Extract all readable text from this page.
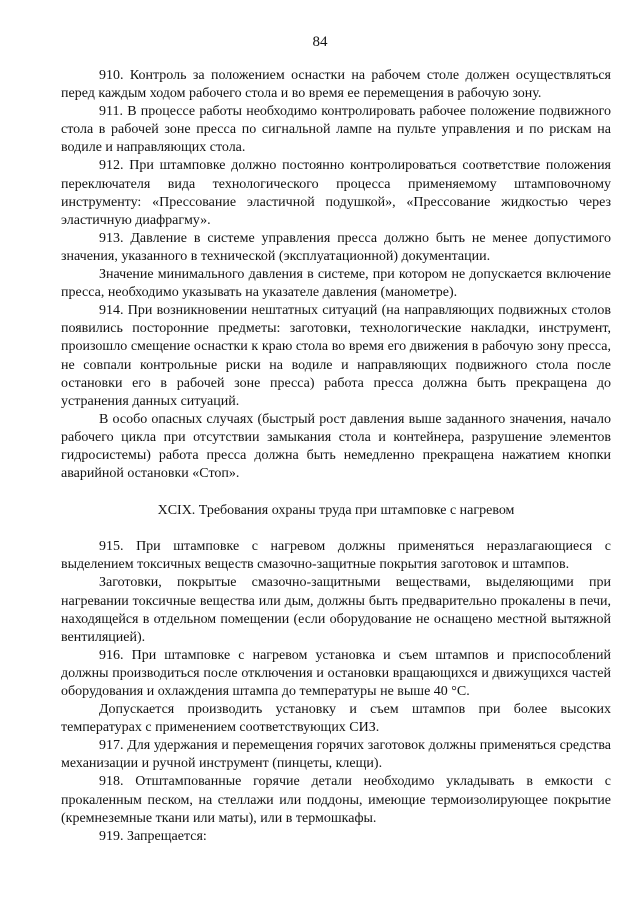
84

910. Контроль за положением оснастки на рабочем столе должен осуществляться перед каждым ходом рабочего стола и во время ее перемещения в рабочую зону.

911. В процессе работы необходимо контролировать рабочее положение подвижного стола в рабочей зоне пресса по сигнальной лампе на пульте управления и по рискам на водиле и направляющих стола.

912. При штамповке должно постоянно контролироваться соответствие положения переключателя вида технологического процесса применяемому штамповочному инструменту: «Прессование эластичной подушкой», «Прессование жидкостью через эластичную диафрагму».

913. Давление в системе управления пресса должно быть не менее допустимого значения, указанного в технической (эксплуатационной) документации.

Значение минимального давления в системе, при котором не допускается включение пресса, необходимо указывать на указателе давления (манометре).

914. При возникновении нештатных ситуаций (на направляющих подвижных столов появились посторонние предметы: заготовки, технологические накладки, инструмент, произошло смещение оснастки к краю стола во время его движения в рабочую зону пресса, не совпали контрольные риски на водиле и направляющих подвижного стола после остановки его в рабочей зоне пресса) работа пресса должна быть прекращена до устранения данных ситуаций.

В особо опасных случаях (быстрый рост давления выше заданного значения, начало рабочего цикла при отсутствии замыкания стола и контейнера, разрушение элементов гидросистемы) работа пресса должна быть немедленно прекращена нажатием кнопки аварийной остановки «Стоп».

XCIX. Требования охраны труда при штамповке с нагревом

915. При штамповке с нагревом должны применяться неразлагающиеся с выделением токсичных веществ смазочно-защитные покрытия заготовок и штампов.

Заготовки, покрытые смазочно-защитными веществами, выделяющими при нагревании токсичные вещества или дым, должны быть предварительно прокалены в печи, находящейся в отдельном помещении (если оборудование не оснащено местной вытяжной вентиляцией).

916. При штамповке с нагревом установка и съем штампов и приспособлений должны производиться после отключения и остановки вращающихся и движущихся частей оборудования и охлаждения штампа до температуры не выше 40 °С.

Допускается производить установку и съем штампов при более высоких температурах с применением соответствующих СИЗ.

917. Для удержания и перемещения горячих заготовок должны применяться средства механизации и ручной инструмент (пинцеты, клещи).

918. Отштампованные горячие детали необходимо укладывать в емкости с прокаленным песком, на стеллажи или поддоны, имеющие термоизолирующее покрытие (кремнеземные ткани или маты), или в термошкафы.

919. Запрещается:
